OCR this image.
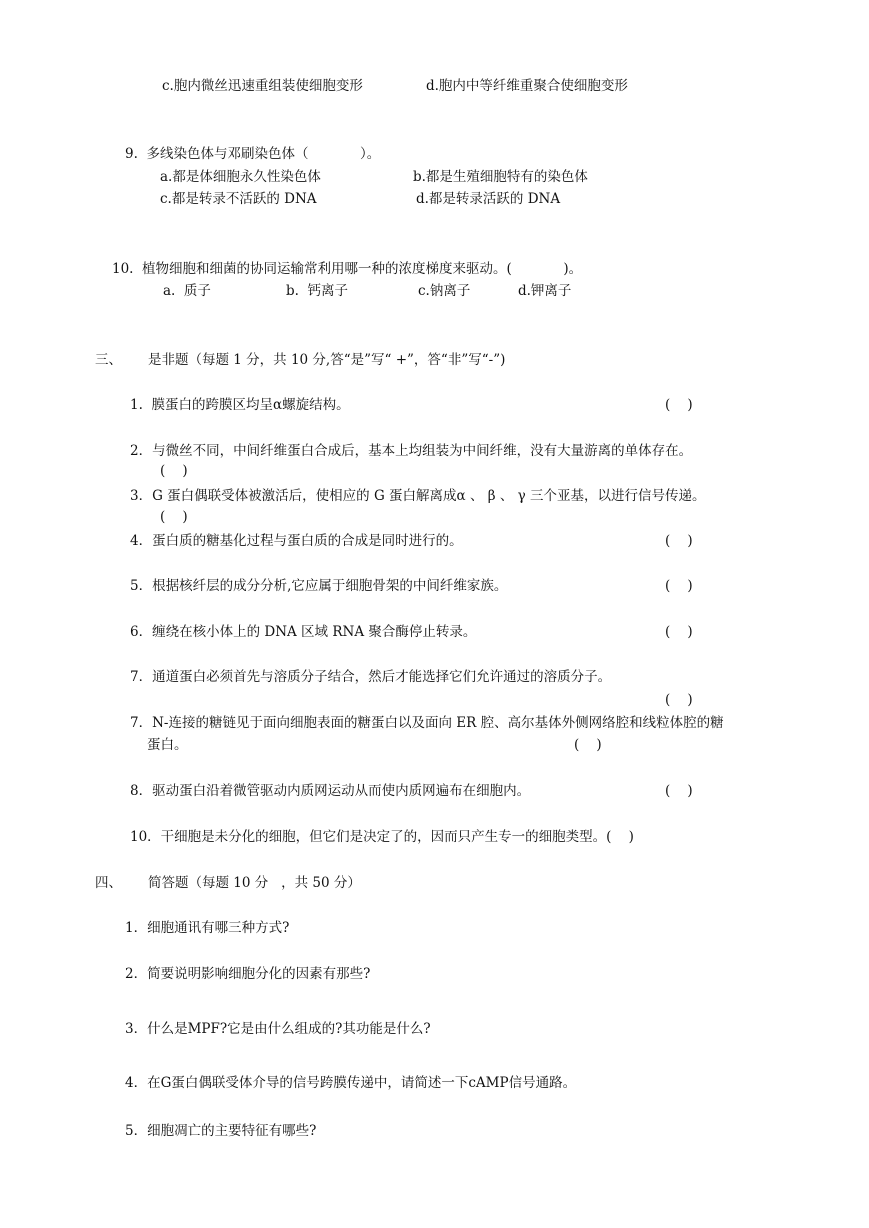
c.胞内微丝迅速重组装使细胞变形	d.胞内中等纤维重聚合使细胞变形
9.  多线染色体与邓刷染色体（            ）。
a.都是体细胞永久性染色体	b.都是生殖细胞特有的染色体
c.都是转录不活跃的 DNA	d.都是转录活跃的 DNA
10.  植物细胞和细菌的协同运输常利用哪一种的浓度梯度来驱动。(            )。
a.  质子	b.  钙离子	c.钠离子	d.钾离子
三、 是非题（每题 1 分，共 10 分,答“是”写“ +”，答“非”写“-”)
1.  膜蛋白的跨膜区均呈α螺旋结构。	(    )
2．与微丝不同，中间纤维蛋白合成后，基本上均组装为中间纤维，没有大量游离的单体存在。
(    )
3．G 蛋白偶联受体被激活后，使相应的 G 蛋白解离成α 、 β 、 γ 三个亚基，以进行信号传递。
(    )
4．蛋白质的糖基化过程与蛋白质的合成是同时进行的。	(    )
5．根据核纤层的成分分析,它应属于细胞骨架的中间纤维家族。	(    )
6．缠绕在核小体上的 DNA 区域 RNA 聚合酶停止转录。	(    )
7．通道蛋白必须首先与溶质分子结合，然后才能选择它们允许通过的溶质分子。
(    )
7．N-连接的糖链见于面向细胞表面的糖蛋白以及面向 ER 腔、高尔基体外侧网络腔和线粒体腔的糖
蛋白。	(    )
8．驱动蛋白沿着微管驱动内质网运动从而使内质网遍布在细胞内。	(    )
10．干细胞是未分化的细胞，但它们是决定了的，因而只产生专一的细胞类型。(    )
四、 简答题（每题 10 分   ，共 50 分）
1．细胞通讯有哪三种方式?
2．简要说明影响细胞分化的因素有那些?
3．什么是MPF?它是由什么组成的?其功能是什么?
4．在G蛋白偶联受体介导的信号跨膜传递中，请简述一下cAMP信号通路。
5．细胞凋亡的主要特征有哪些?
